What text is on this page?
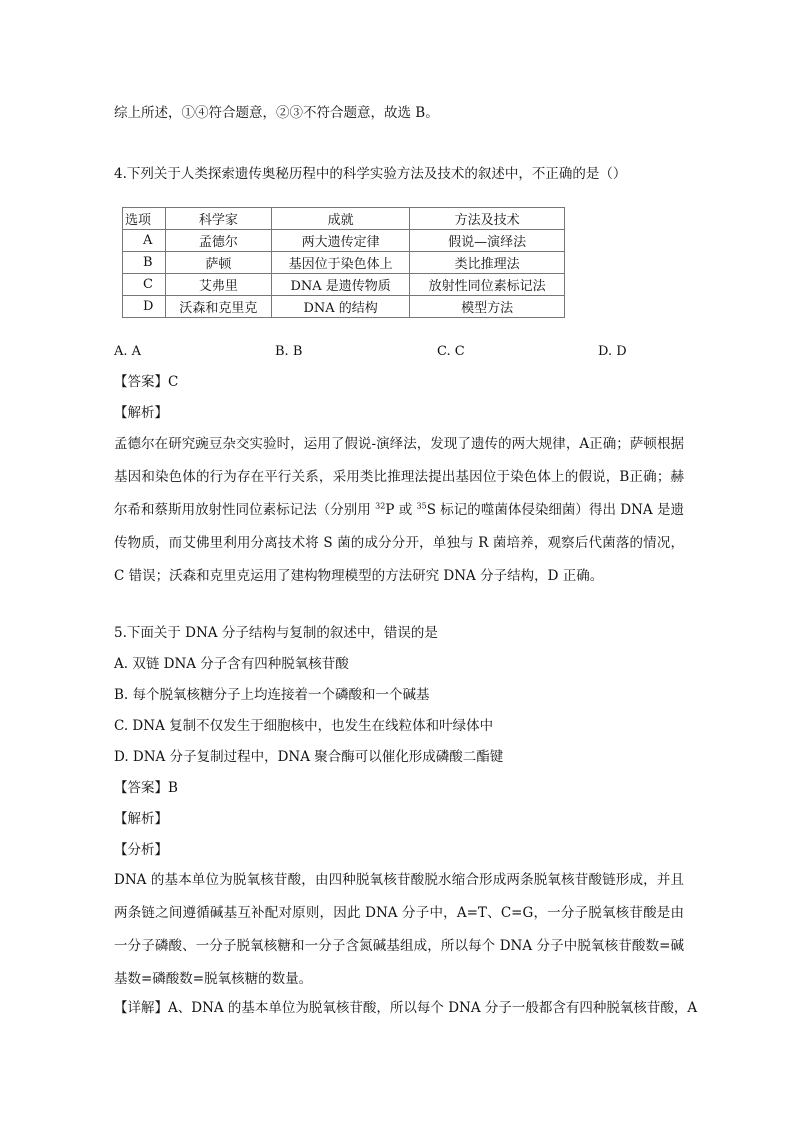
综上所述，①④符合题意，②③不符合题意，故选 B。
4.下列关于人类探索遗传奥秘历程中的科学实验方法及技术的叙述中，不正确的是（）
选项	科学家	成就	方法及技术
A	孟德尔	两大遗传定律	假说—演绎法
B	萨顿	基因位于染色体上	类比推理法
C	艾弗里	DNA 是遗传物质	放射性同位素标记法
D	沃森和克里克	DNA 的结构	模型方法
A. A	B. B	C. C	D. D
【答案】C
【解析】
孟德尔在研究豌豆杂交实验时，运用了假说-演绎法，发现了遗传的两大规律，A正确；萨顿根据基因和染色体的行为存在平行关系，采用类比推理法提出基因位于染色体上的假说，B正确；赫尔希和蔡斯用放射性同位素标记法（分别用 $^{32}$P 或 $^{35}$S 标记的噬菌体侵染细菌）得出 DNA 是遗传物质，而艾佛里利用分离技术将 S 菌的成分分开，单独与 R 菌培养，观察后代菌落的情况，C 错误；沃森和克里克运用了建构物理模型的方法研究 DNA 分子结构，D 正确。
5.下面关于 DNA 分子结构与复制的叙述中，错误的是
A. 双链 DNA 分子含有四种脱氧核苷酸
B. 每个脱氧核糖分子上均连接着一个磷酸和一个碱基
C. DNA 复制不仅发生于细胞核中，也发生在线粒体和叶绿体中
D. DNA 分子复制过程中，DNA 聚合酶可以催化形成磷酸二酯键
【答案】B
【解析】
【分析】
DNA 的基本单位为脱氧核苷酸，由四种脱氧核苷酸脱水缩合形成两条脱氧核苷酸链形成，并且两条链之间遵循碱基互补配对原则，因此 DNA 分子中，A=T、C=G，一分子脱氧核苷酸是由一分子磷酸、一分子脱氧核糖和一分子含氮碱基组成，所以每个 DNA 分子中脱氧核苷酸数=碱基数=磷酸数=脱氧核糖的数量。
【详解】A、DNA 的基本单位为脱氧核苷酸，所以每个 DNA 分子一般都含有四种脱氧核苷酸，A
